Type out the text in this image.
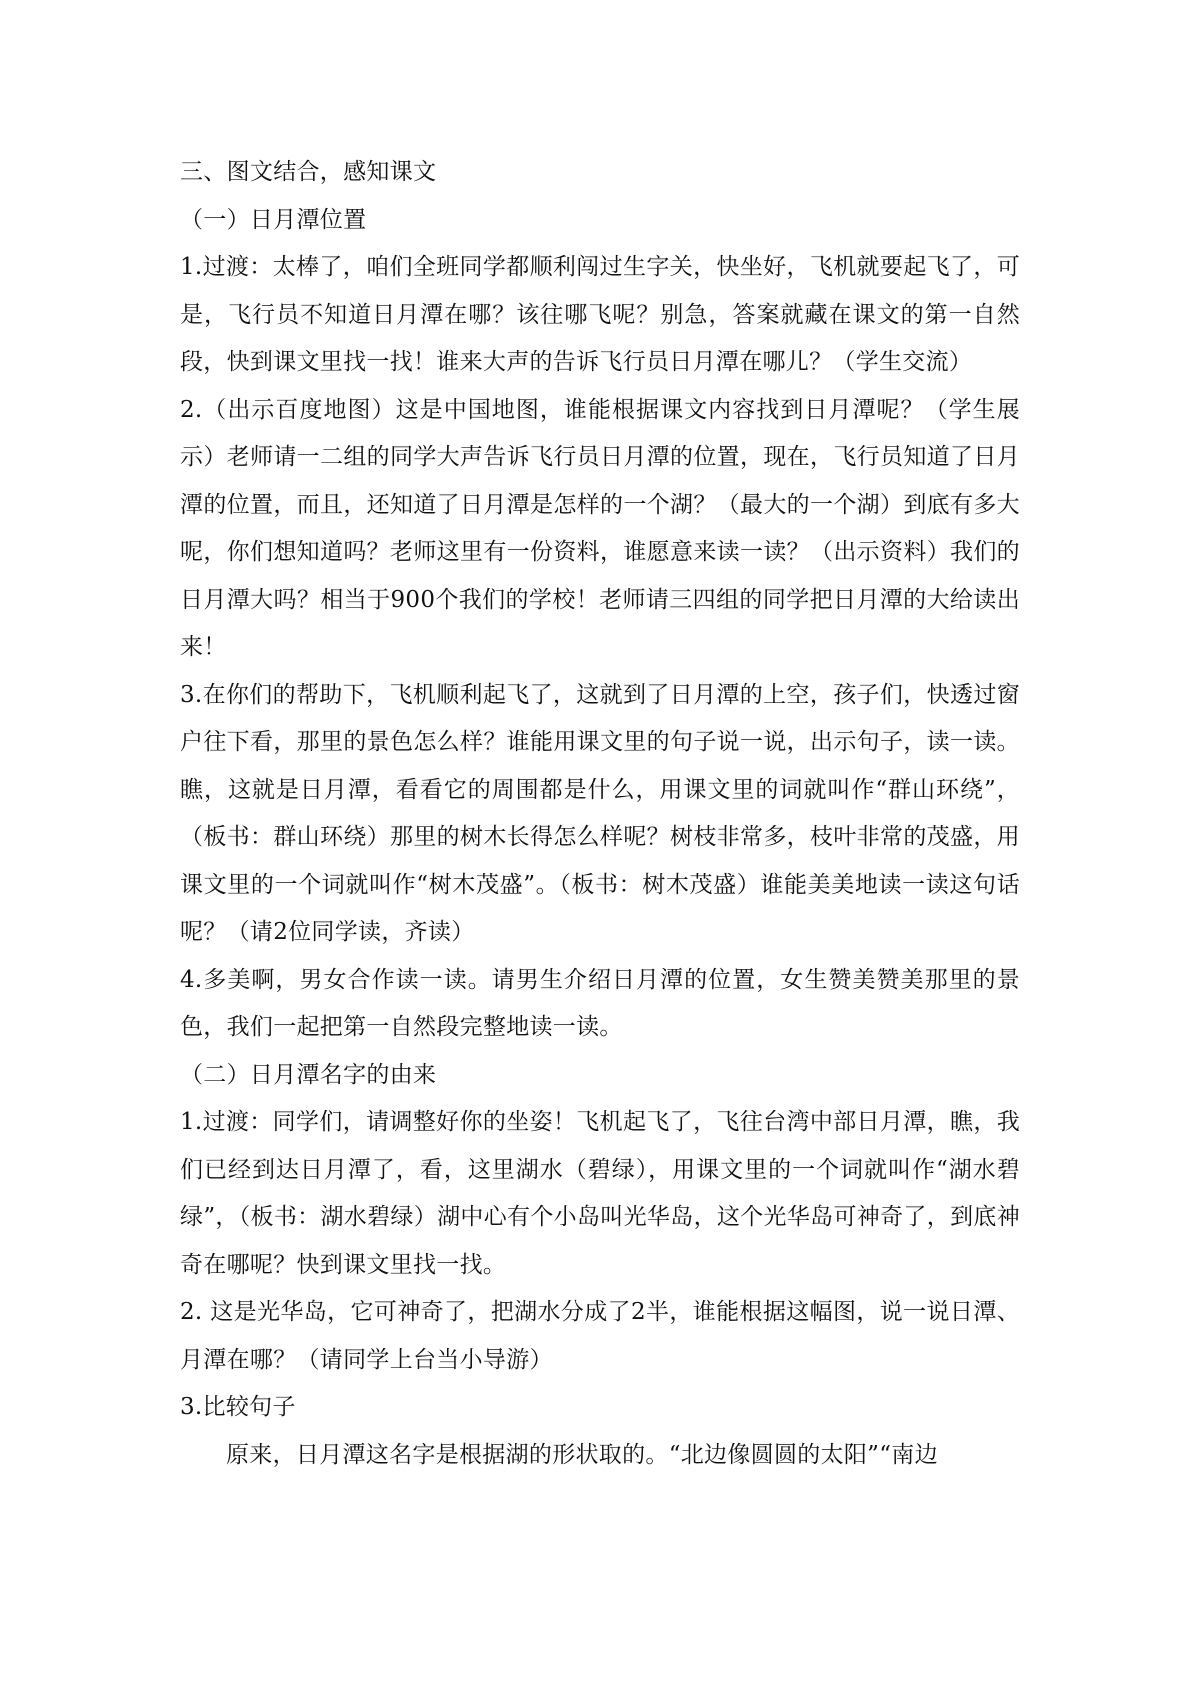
三、图文结合，感知课文

（一）日月潭位置

1.过渡：太棒了，咱们全班同学都顺利闯过生字关，快坐好，飞机就要起飞了，可是，飞行员不知道日月潭在哪？该往哪飞呢？别急，答案就藏在课文的第一自然段，快到课文里找一找！谁来大声的告诉飞行员日月潭在哪儿？（学生交流）

2.（出示百度地图）这是中国地图，谁能根据课文内容找到日月潭呢？（学生展示）老师请一二组的同学大声告诉飞行员日月潭的位置，现在，飞行员知道了日月潭的位置，而且，还知道了日月潭是怎样的一个湖？（最大的一个湖）到底有多大呢，你们想知道吗？老师这里有一份资料，谁愿意来读一读？（出示资料）我们的日月潭大吗？相当于900个我们的学校！老师请三四组的同学把日月潭的大给读出来！

3.在你们的帮助下，飞机顺利起飞了，这就到了日月潭的上空，孩子们，快透过窗户往下看，那里的景色怎么样？谁能用课文里的句子说一说，出示句子，读一读。瞧，这就是日月潭，看看它的周围都是什么，用课文里的词就叫作“群山环绕”，（板书：群山环绕）那里的树木长得怎么样呢？树枝非常多，枝叶非常的茂盛，用课文里的一个词就叫作“树木茂盛”。（板书：树木茂盛）谁能美美地读一读这句话呢？（请2位同学读，齐读）

4.多美啊，男女合作读一读。请男生介绍日月潭的位置，女生赞美赞美那里的景色，我们一起把第一自然段完整地读一读。

（二）日月潭名字的由来

1.过渡：同学们，请调整好你的坐姿！飞机起飞了，飞往台湾中部日月潭，瞧，我们已经到达日月潭了，看，这里湖水（碧绿），用课文里的一个词就叫作“湖水碧绿”，（板书：湖水碧绿）湖中心有个小岛叫光华岛，这个光华岛可神奇了，到底神奇在哪呢？快到课文里找一找。

2. 这是光华岛，它可神奇了，把湖水分成了2半，谁能根据这幅图，说一说日潭、月潭在哪？（请同学上台当小导游）

3.比较句子

原来，日月潭这名字是根据湖的形状取的。“北边像圆圆的太阳”“南边
